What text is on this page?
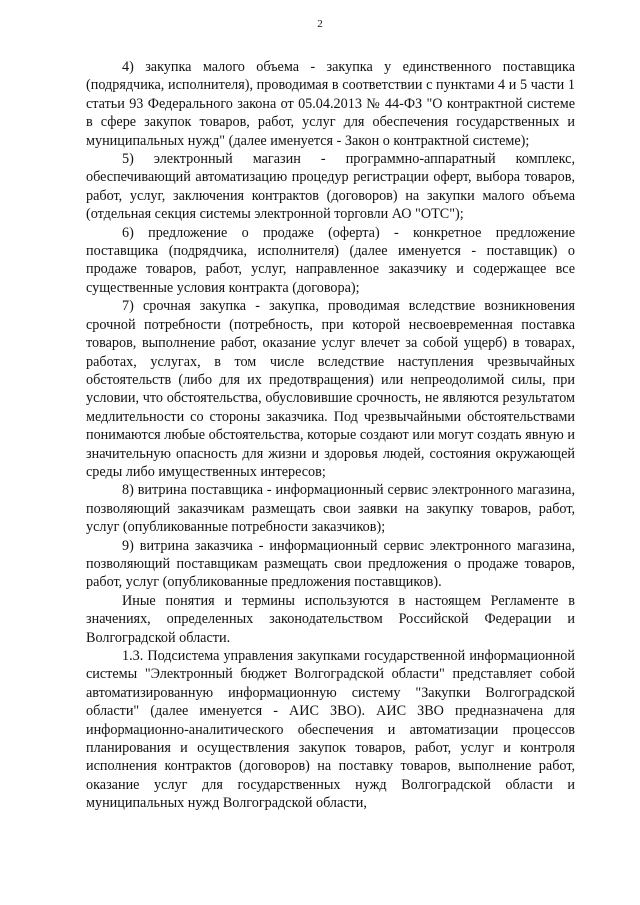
2

4) закупка малого объема - закупка у единственного поставщика (подрядчика, исполнителя), проводимая в соответствии с пунктами 4 и 5 части 1 статьи 93 Федерального закона от 05.04.2013 № 44-ФЗ "О контрактной системе в сфере закупок товаров, работ, услуг для обеспечения государственных и муниципальных нужд" (далее именуется - Закон о контрактной системе);

5) электронный магазин - программно-аппаратный комплекс, обеспечивающий автоматизацию процедур регистрации оферт, выбора товаров, работ, услуг, заключения контрактов (договоров) на закупки малого объема (отдельная секция системы электронной торговли АО "ОТС");

6) предложение о продаже (оферта) - конкретное предложение поставщика (подрядчика, исполнителя) (далее именуется - поставщик) о продаже товаров, работ, услуг, направленное заказчику и содержащее все существенные условия контракта (договора);

7) срочная закупка - закупка, проводимая вследствие возникновения срочной потребности (потребность, при которой несвоевременная поставка товаров, выполнение работ, оказание услуг влечет за собой ущерб) в товарах, работах, услугах, в том числе вследствие наступления чрезвычайных обстоятельств (либо для их предотвращения) или непреодолимой силы, при условии, что обстоятельства, обусловившие срочность, не являются результатом медлительности со стороны заказчика. Под чрезвычайными обстоятельствами понимаются любые обстоятельства, которые создают или могут создать явную и значительную опасность для жизни и здоровья людей, состояния окружающей среды либо имущественных интересов;

8) витрина поставщика - информационный сервис электронного магазина, позволяющий заказчикам размещать свои заявки на закупку товаров, работ, услуг (опубликованные потребности заказчиков);

9) витрина заказчика - информационный сервис электронного магазина, позволяющий поставщикам размещать свои предложения о продаже товаров, работ, услуг (опубликованные предложения поставщиков).

Иные понятия и термины используются в настоящем Регламенте в значениях, определенных законодательством Российской Федерации и Волгоградской области.

1.3. Подсистема управления закупками государственной информационной системы "Электронный бюджет Волгоградской области" представляет собой автоматизированную информационную систему "Закупки Волгоградской области" (далее именуется - АИС ЗВО). АИС ЗВО предназначена для информационно-аналитического обеспечения и автоматизации процессов планирования и осуществления закупок товаров, работ, услуг и контроля исполнения контрактов (договоров) на поставку товаров, выполнение работ, оказание услуг для государственных нужд Волгоградской области и муниципальных нужд Волгоградской области,
